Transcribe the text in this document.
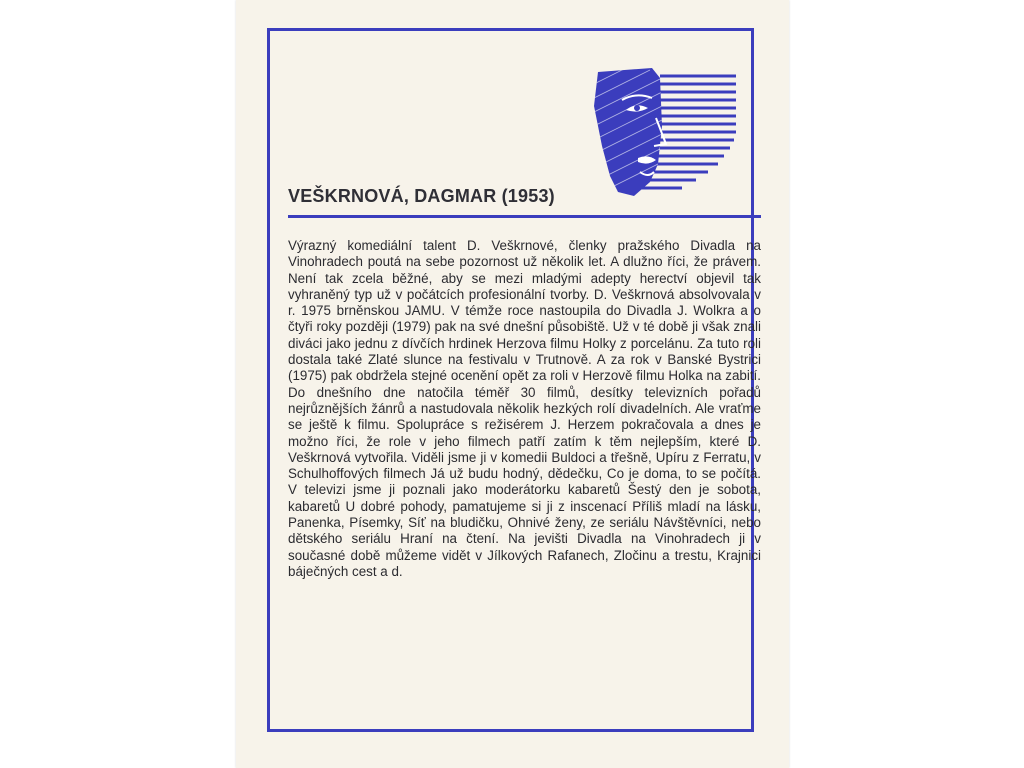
VEŠKRNOVÁ, DAGMAR (1953)

Výrazný komediální talent D. Veškrnové, členky pražského Divadla na Vinohradech poutá na sebe pozornost už několik let. A dlužno říci, že právem. Není tak zcela běžné, aby se mezi mladými adepty herectví objevil tak vyhraněný typ už v počátcích profesionální tvorby. D. Veškrnová absolvovala v r. 1975 brněnskou JAMU. V témže roce nastoupila do Divadla J. Wolkra a o čtyři roky později (1979) pak na své dnešní působiště. Už v té době ji však znali diváci jako jednu z dívčích hrdinek Herzova filmu Holky z porcelánu. Za tuto roli dostala také Zlaté slunce na festivalu v Trutnově. A za rok v Banské Bystrici (1975) pak obdržela stejné ocenění opět za roli v Herzově filmu Holka na zabití. Do dnešního dne natočila téměř 30 filmů, desítky televizních pořadů nejrůznějších žánrů a nastudovala několik hezkých rolí divadelních. Ale vraťme se ještě k filmu. Spolupráce s režisérem J. Herzem pokračovala a dnes je možno říci, že role v jeho filmech patří zatím k těm nejlepším, které D. Veškrnová vytvořila. Viděli jsme ji v komedii Buldoci a třešně, Upíru z Ferratu, v Schulhoffových filmech Já už budu hodný, dědečku, Co je doma, to se počítá. V televizi jsme ji poznali jako moderátorku kabaretů Šestý den je sobota, kabaretů U dobré pohody, pamatujeme si ji z inscenací Příliš mladí na lásku, Panenka, Písemky, Síť na bludičku, Ohnivé ženy, ze seriálu Návštěvníci, nebo dětského seriálu Hraní na čtení. Na jevišti Divadla na Vinohradech ji v současné době můžeme vidět v Jílkových Rafanech, Zločinu a trestu, Krajnici báječných cest a d.
